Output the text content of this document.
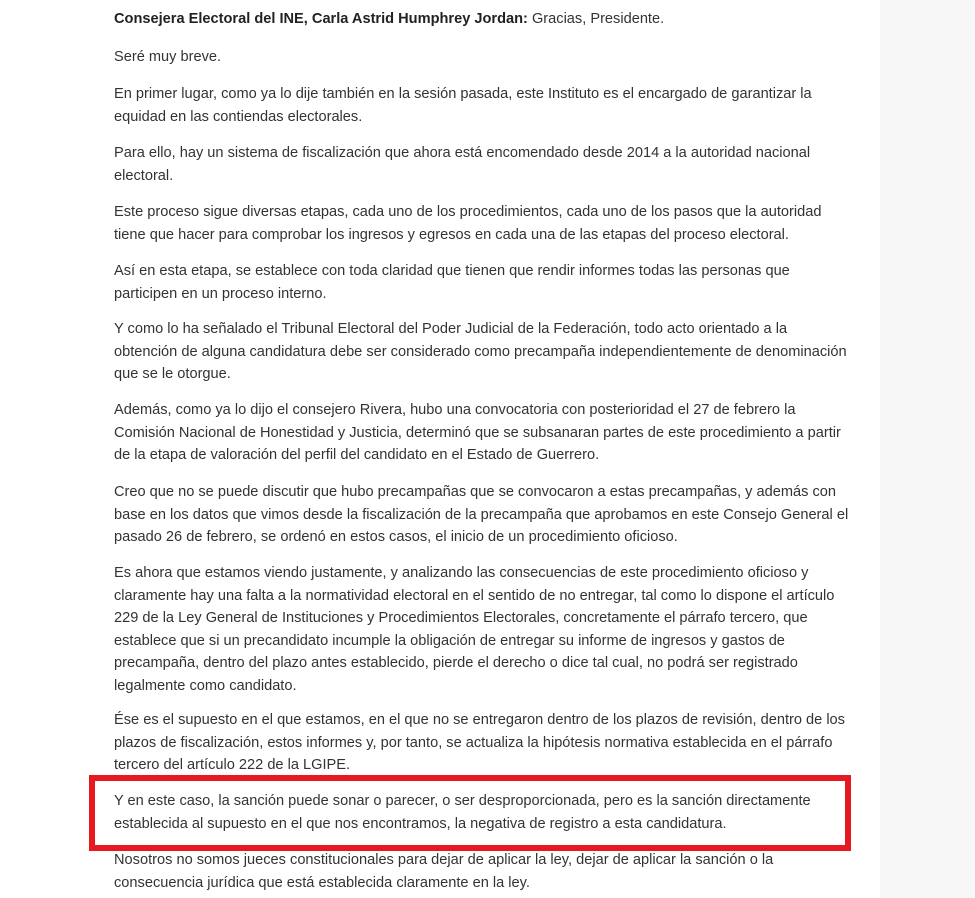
Consejera Electoral del INE, Carla Astrid Humphrey Jordan: Gracias, Presidente.

Seré muy breve.

En primer lugar, como ya lo dije también en la sesión pasada, este Instituto es el encargado de garantizar la equidad en las contiendas electorales.

Para ello, hay un sistema de fiscalización que ahora está encomendado desde 2014 a la autoridad nacional electoral.

Este proceso sigue diversas etapas, cada uno de los procedimientos, cada uno de los pasos que la autoridad tiene que hacer para comprobar los ingresos y egresos en cada una de las etapas del proceso electoral.

Así en esta etapa, se establece con toda claridad que tienen que rendir informes todas las personas que participen en un proceso interno.

Y como lo ha señalado el Tribunal Electoral del Poder Judicial de la Federación, todo acto orientado a la obtención de alguna candidatura debe ser considerado como precampaña independientemente de denominación que se le otorgue.

Además, como ya lo dijo el consejero Rivera, hubo una convocatoria con posterioridad el 27 de febrero la Comisión Nacional de Honestidad y Justicia, determinó que se subsanaran partes de este procedimiento a partir de la etapa de valoración del perfil del candidato en el Estado de Guerrero.

Creo que no se puede discutir que hubo precampañas que se convocaron a estas precampañas, y además con base en los datos que vimos desde la fiscalización de la precampaña que aprobamos en este Consejo General el pasado 26 de febrero, se ordenó en estos casos, el inicio de un procedimiento oficioso.

Es ahora que estamos viendo justamente, y analizando las consecuencias de este procedimiento oficioso y claramente hay una falta a la normatividad electoral en el sentido de no entregar, tal como lo dispone el artículo 229 de la Ley General de Instituciones y Procedimientos Electorales, concretamente el párrafo tercero, que establece que si un precandidato incumple la obligación de entregar su informe de ingresos y gastos de precampaña, dentro del plazo antes establecido, pierde el derecho o dice tal cual, no podrá ser registrado legalmente como candidato.

Ése es el supuesto en el que estamos, en el que no se entregaron dentro de los plazos de revisión, dentro de los plazos de fiscalización, estos informes y, por tanto, se actualiza la hipótesis normativa establecida en el párrafo tercero del artículo 222 de la LGIPE.

Y en este caso, la sanción puede sonar o parecer, o ser desproporcionada, pero es la sanción directamente establecida al supuesto en el que nos encontramos, la negativa de registro a esta candidatura.

Nosotros no somos jueces constitucionales para dejar de aplicar la ley, dejar de aplicar la sanción o la consecuencia jurídica que está establecida claramente en la ley.
